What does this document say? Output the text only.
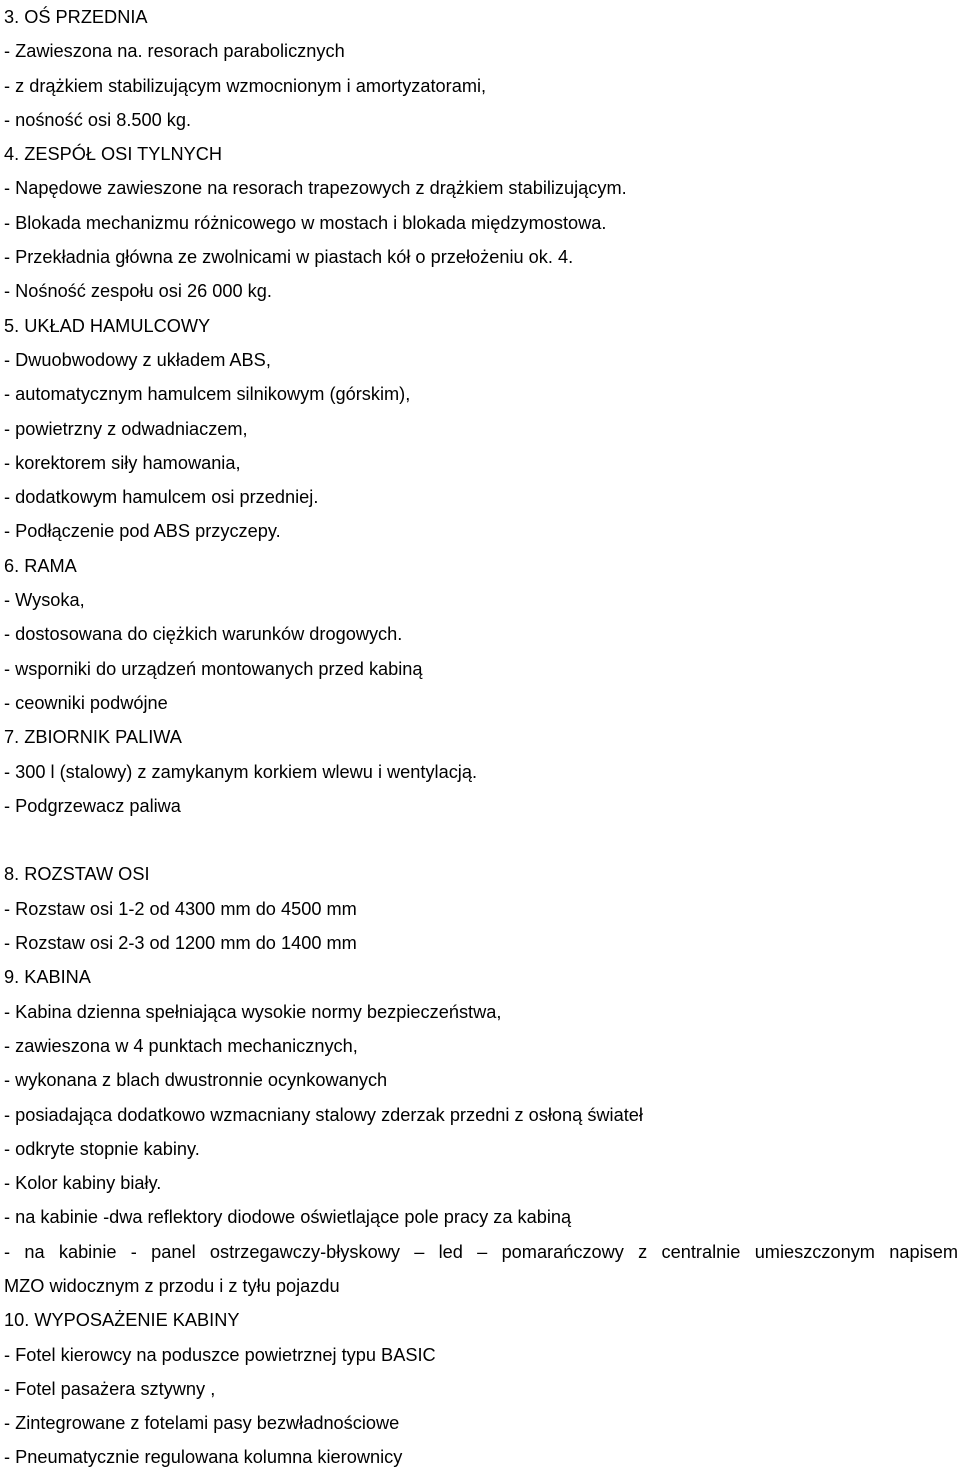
3. OŚ PRZEDNIA
- Zawieszona na. resorach parabolicznych
- z drążkiem stabilizującym wzmocnionym i amortyzatorami,
- nośność osi 8.500 kg.
4. ZESPÓŁ OSI TYLNYCH
- Napędowe zawieszone na resorach trapezowych z drążkiem stabilizującym.
- Blokada mechanizmu różnicowego w mostach i blokada międzymostowa.
- Przekładnia główna ze zwolnicami w piastach kół o przełożeniu ok. 4.
- Nośność zespołu osi 26 000 kg.
5. UKŁAD HAMULCOWY
- Dwuobwodowy z układem ABS,
- automatycznym hamulcem silnikowym (górskim),
- powietrzny z odwadniaczem,
- korektorem siły hamowania,
- dodatkowym hamulcem osi przedniej.
- Podłączenie pod ABS przyczepy.
6. RAMA
- Wysoka,
- dostosowana do ciężkich warunków drogowych.
- wsporniki do urządzeń montowanych przed kabiną
- ceowniki podwójne
7. ZBIORNIK PALIWA
- 300 l (stalowy) z zamykanym korkiem wlewu i wentylacją.
- Podgrzewacz paliwa
8. ROZSTAW OSI
- Rozstaw osi 1-2 od 4300 mm do 4500 mm
- Rozstaw osi 2-3 od 1200 mm do 1400 mm
9. KABINA
- Kabina dzienna spełniająca wysokie normy bezpieczeństwa,
- zawieszona w 4 punktach mechanicznych,
- wykonana z blach dwustronnie ocynkowanych
- posiadająca dodatkowo wzmacniany stalowy zderzak przedni z osłoną świateł
- odkryte stopnie kabiny.
- Kolor kabiny biały.
- na kabinie -dwa reflektory diodowe oświetlające pole pracy za kabiną
- na kabinie - panel ostrzegawczy-błyskowy – led – pomarańczowy z centralnie umieszczonym napisem
MZO widocznym z przodu i z tyłu pojazdu
10. WYPOSAŻENIE KABINY
- Fotel kierowcy na poduszce powietrznej typu BASIC
- Fotel pasażera sztywny ,
- Zintegrowane z fotelami pasy bezwładnościowe
- Pneumatycznie regulowana kolumna kierownicy
